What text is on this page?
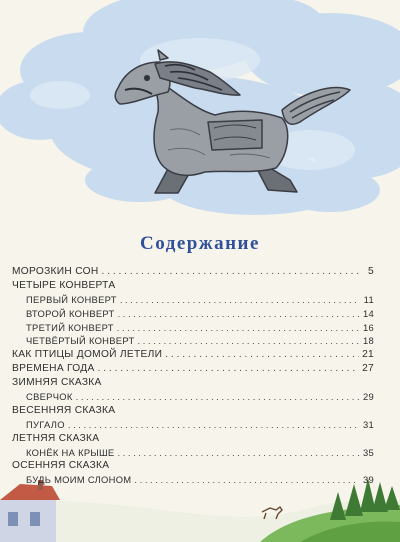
Содержание
МОРОЗКИН СОН . . .	5
ЧЕТЫРЕ КОНВЕРТА
ПЕРВЫЙ КОНВЕРТ . . .	11
ВТОРОЙ КОНВЕРТ . . .	14
ТРЕТИЙ КОНВЕРТ . . .	16
ЧЕТВЁРТЫЙ КОНВЕРТ . . .	18
КАК ПТИЦЫ ДОМОЙ ЛЕТЕЛИ . . .	21
ВРЕМЕНА ГОДА . . .	27
ЗИМНЯЯ СКАЗКА
СВЕРЧОК . . .	29
ВЕСЕННЯЯ СКАЗКА
ПУГАЛО . . .	31
ЛЕТНЯЯ СКАЗКА
КОНЁК НА КРЫШЕ . . .	35
ОСЕННЯЯ СКАЗКА
БУДЬ МОИМ СЛОНОМ . . .	39
